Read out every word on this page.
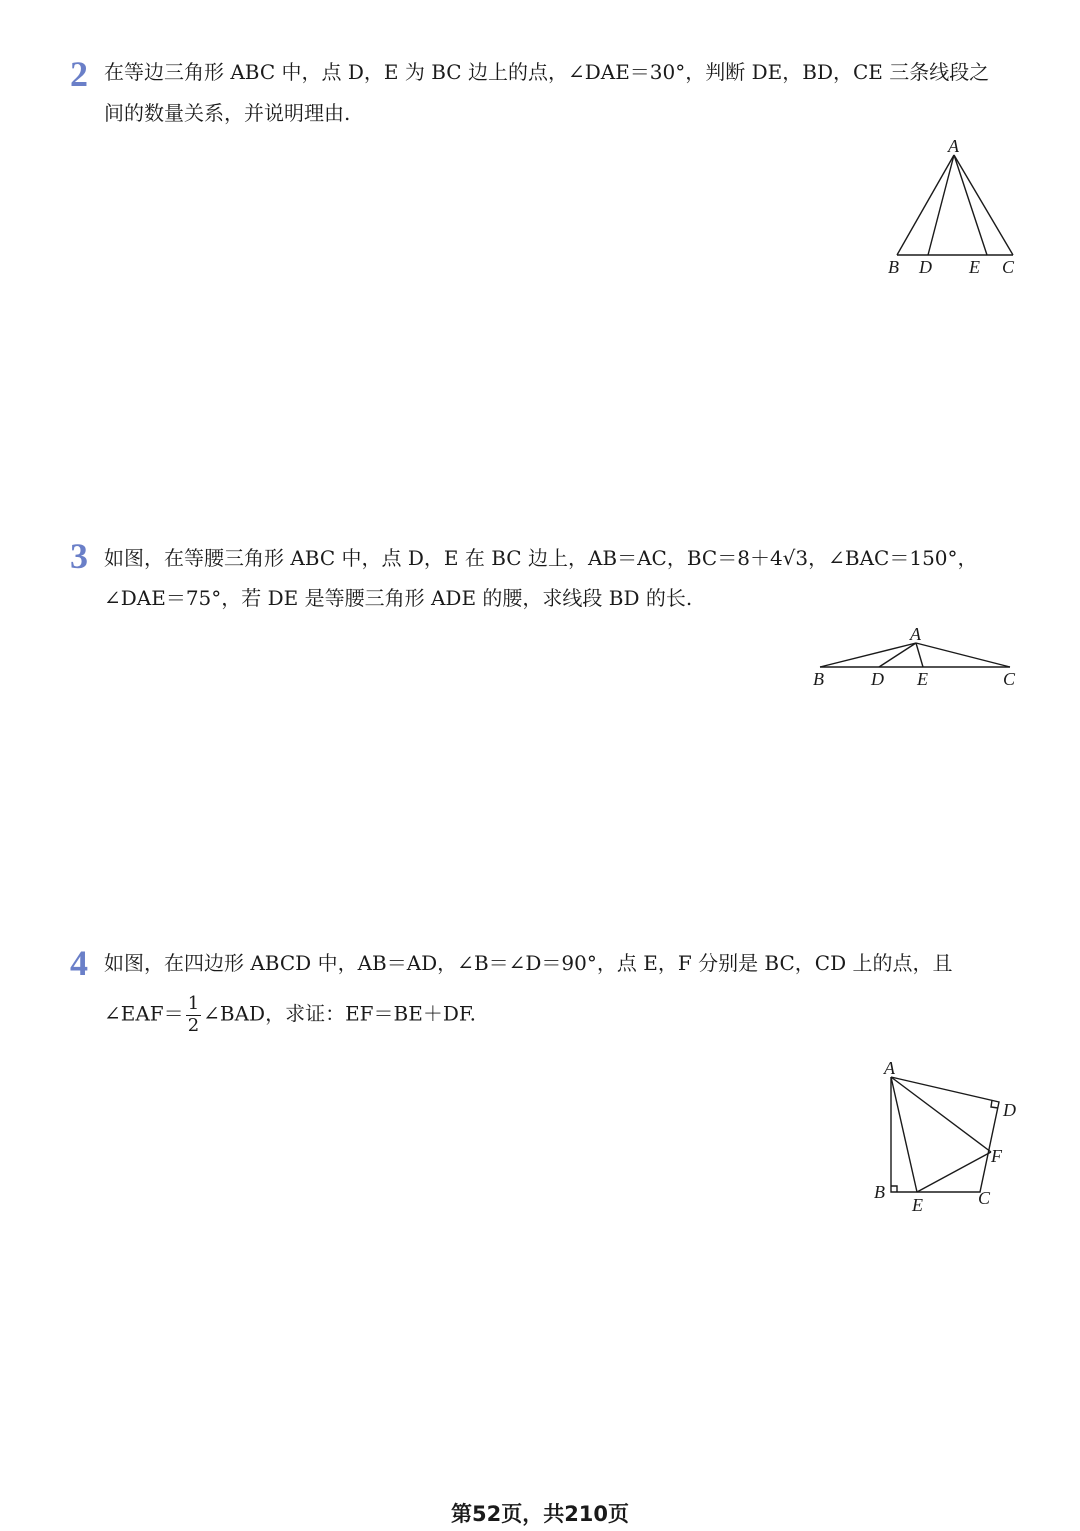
2 在等边三角形 ABC 中，点 D，E 为 BC 边上的点，∠DAE＝30°，判断 DE，BD，CE 三条线段之
间的数量关系，并说明理由.
A
B D E C
3 如图，在等腰三角形 ABC 中，点 D，E 在 BC 边上，AB＝AC，BC＝8＋4√3，∠BAC＝150°，
∠DAE＝75°，若 DE 是等腰三角形 ADE 的腰，求线段 BD 的长.
A
B	D E	C
4 如图，在四边形 ABCD 中，AB＝AD，∠B＝∠D＝90°，点 E，F 分别是 BC，CD 上的点，且
∠EAF＝ $\frac{1}{2}$ ∠BAD，求证：EF＝BE＋DF.
A
B
E	C
D
F
第52页，共210页
